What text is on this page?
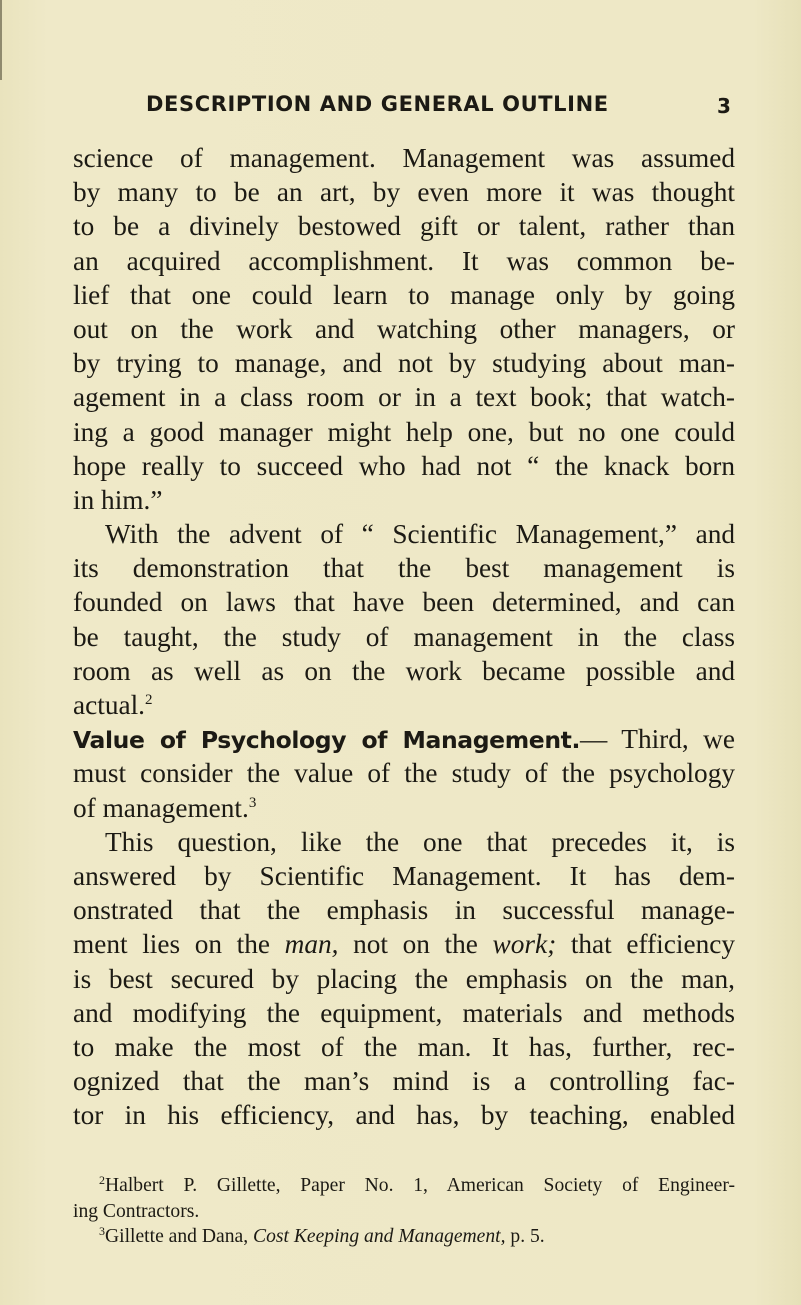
DESCRIPTION AND GENERAL OUTLINE	3
science of management. Management was assumed
by many to be an art, by even more it was thought
to be a divinely bestowed gift or talent, rather than
an acquired accomplishment. It was common be-
lief that one could learn to manage only by going
out on the work and watching other managers, or
by trying to manage, and not by studying about man-
agement in a class room or in a text book; that watch-
ing a good manager might help one, but no one could
hope really to succeed who had not “ the knack born
in him.”
With the advent of “ Scientific Management,” and
its demonstration that the best management is
founded on laws that have been determined, and can
be taught, the study of management in the class
room as well as on the work became possible and
actual.$^2$
Value of Psychology of Management.— Third, we
must consider the value of the study of the psychology
of management.$^3$
This question, like the one that precedes it, is
answered by Scientific Management. It has dem-
onstrated that the emphasis in successful manage-
ment lies on the man, not on the work; that efficiency
is best secured by placing the emphasis on the man,
and modifying the equipment, materials and methods
to make the most of the man. It has, further, rec-
ognized that the man’s mind is a controlling fac-
tor in his efficiency, and has, by teaching, enabled
$^2$Halbert P. Gillette, Paper No. 1, American Society of Engineer-
ing Contractors.
$^3$Gillette and Dana, Cost Keeping and Management, p. 5.
